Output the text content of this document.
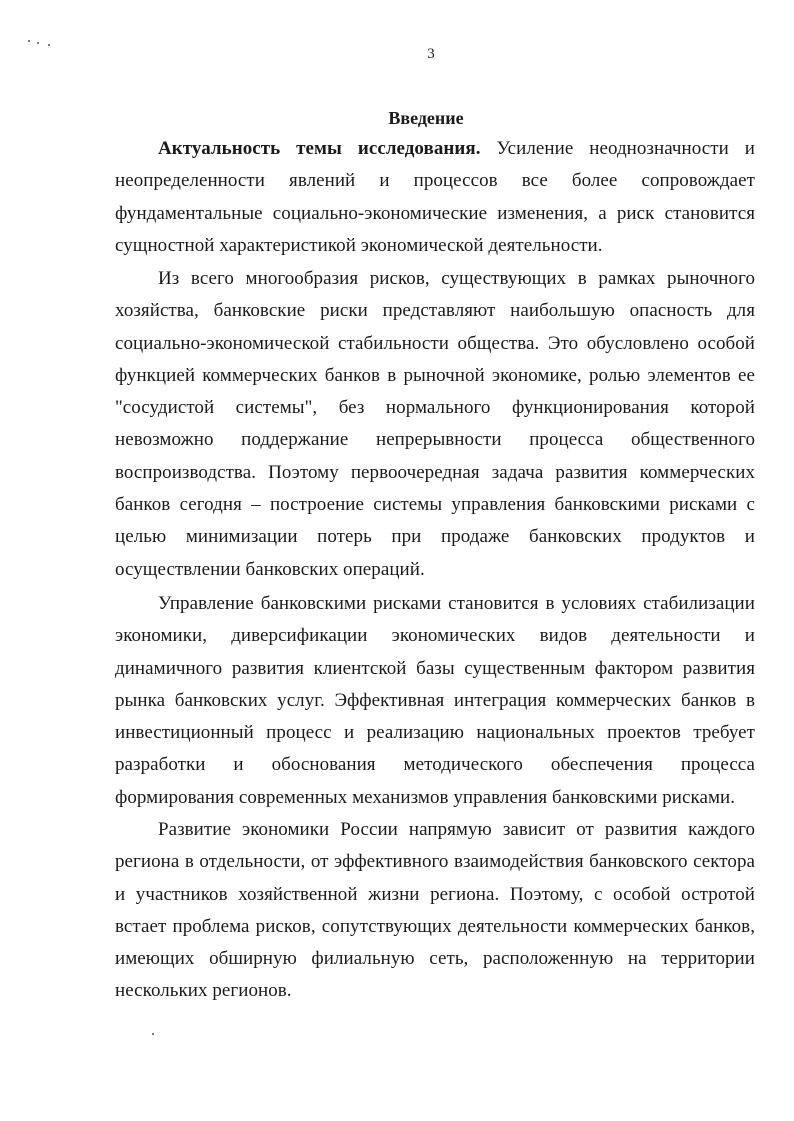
3
Введение

Актуальность темы исследования. Усиление неоднозначности и неопределенности явлений и процессов все более сопровождает фундаментальные социально-экономические изменения, а риск становится сущностной характеристикой экономической деятельности.

Из всего многообразия рисков, существующих в рамках рыночного хозяйства, банковские риски представляют наибольшую опасность для социально-экономической стабильности общества. Это обусловлено особой функцией коммерческих банков в рыночной экономике, ролью элементов ее "сосудистой системы", без нормального функционирования которой невозможно поддержание непрерывности процесса общественного воспроизводства. Поэтому первоочередная задача развития коммерческих банков сегодня – построение системы управления банковскими рисками с целью минимизации потерь при продаже банковских продуктов и осуществлении банковских операций.

Управление банковскими рисками становится в условиях стабилизации экономики, диверсификации экономических видов деятельности и динамичного развития клиентской базы существенным фактором развития рынка банковских услуг. Эффективная интеграция коммерческих банков в инвестиционный процесс и реализацию национальных проектов требует разработки и обоснования методического обеспечения процесса формирования современных механизмов управления банковскими рисками.

Развитие экономики России напрямую зависит от развития каждого региона в отдельности, от эффективного взаимодействия банковского сектора и участников хозяйственной жизни региона. Поэтому, с особой остротой встает проблема рисков, сопутствующих деятельности коммерческих банков, имеющих обширную филиальную сеть, расположенную на территории нескольких регионов.
